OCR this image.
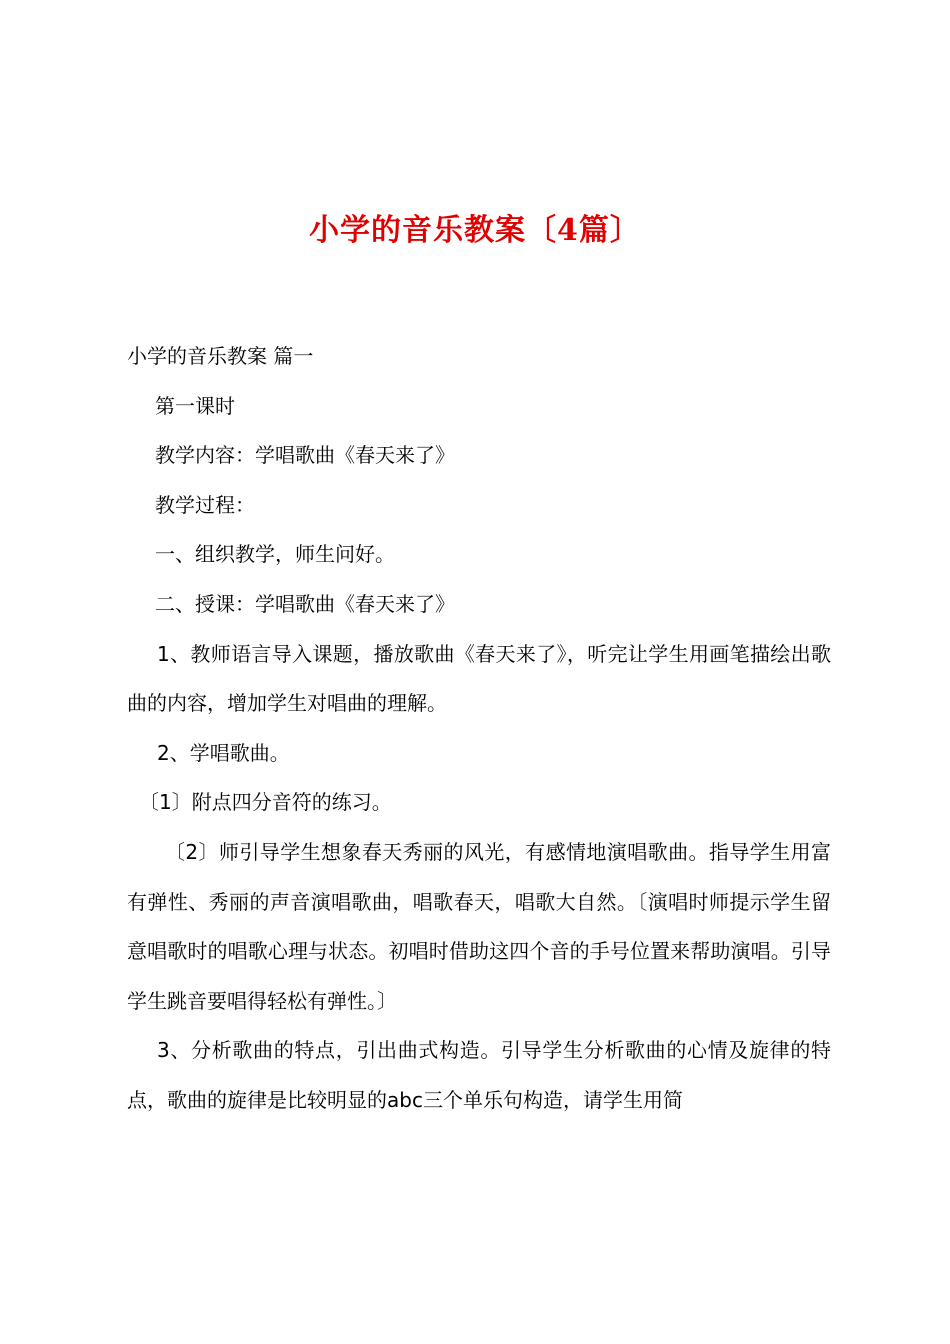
小学的音乐教案〔4篇〕

小学的音乐教案 篇一

第一课时

教学内容：学唱歌曲《春天来了》

教学过程：

一、组织教学，师生问好。

二、授课：学唱歌曲《春天来了》

1、教师语言导入课题，播放歌曲《春天来了》，听完让学生用画笔描绘出歌曲的内容，增加学生对唱曲的理解。

2、学唱歌曲。

〔1〕附点四分音符的练习。

〔2〕师引导学生想象春天秀丽的风光，有感情地演唱歌曲。指导学生用富有弹性、秀丽的声音演唱歌曲，唱歌春天，唱歌大自然。〔演唱时师提示学生留意唱歌时的唱歌心理与状态。初唱时借助这四个音的手号位置来帮助演唱。引导学生跳音要唱得轻松有弹性。〕

3、分析歌曲的特点，引出曲式构造。引导学生分析歌曲的心情及旋律的特点，歌曲的旋律是比较明显的abc三个单乐句构造，请学生用简
